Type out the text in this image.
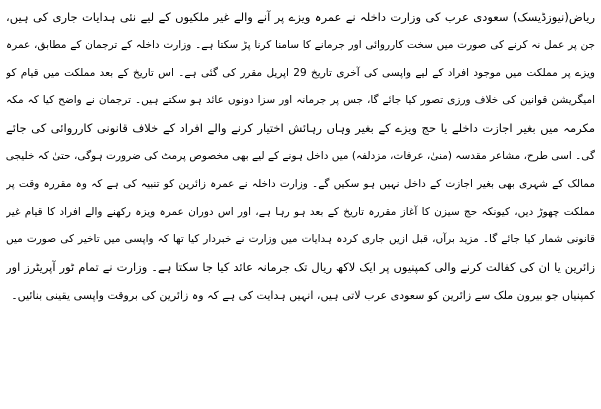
ریاض(نیوزڈیسک) سعودی عرب کی وزارت داخلہ نے عمرہ ویزے پر آنے والے غیر ملکیوں کے لیے نئی ہدایات جاری کی ہیں،
جن پر عمل نہ کرنے کی صورت میں سخت کارروائی اور جرمانے کا سامنا کرنا پڑ سکتا ہے۔ وزارت داخلہ کے ترجمان کے مطابق، عمرہ
ویزے پر مملکت میں موجود افراد کے لیے واپسی کی آخری تاریخ 29 اپریل مقرر کی گئی ہے۔ اس تاریخ کے بعد مملکت میں قیام کو
امیگریشن قوانین کی خلاف ورزی تصور کیا جائے گا، جس پر جرمانہ اور سزا دونوں عائد ہو سکتے ہیں۔ ترجمان نے واضح کیا کہ مکہ
مکرمہ میں بغیر اجازت داخلے یا حج ویزے کے بغیر وہاں رہائش اختیار کرنے والے افراد کے خلاف قانونی کارروائی کی جائے
گی۔ اسی طرح، مشاعر مقدسہ (منیٰ، عرفات، مزدلفہ) میں داخل ہونے کے لیے بھی مخصوص پرمٹ کی ضرورت ہوگی، حتیٰ کہ خلیجی
ممالک کے شہری بھی بغیر اجازت کے داخل نہیں ہو سکیں گے۔ وزارت داخلہ نے عمرہ زائرین کو تنبیہ کی ہے کہ وہ مقررہ وقت پر
مملکت چھوڑ دیں، کیونکہ حج سیزن کا آغاز مقررہ تاریخ کے بعد ہو رہا ہے، اور اس دوران عمرہ ویزہ رکھنے والے افراد کا قیام غیر
قانونی شمار کیا جائے گا۔ مزید برآں، قبل ازیں جاری کردہ ہدایات میں وزارت نے خبردار کیا تھا کہ واپسی میں تاخیر کی صورت میں
زائرین یا ان کی کفالت کرنے والی کمپنیوں پر ایک لاکھ ریال تک جرمانہ عائد کیا جا سکتا ہے۔ وزارت نے تمام ٹور آپریٹرز اور
کمپنیاں جو بیرون ملک سے زائرین کو سعودی عرب لاتی ہیں، انہیں ہدایت کی ہے کہ وہ زائرین کی بروقت واپسی یقینی بنائیں۔
